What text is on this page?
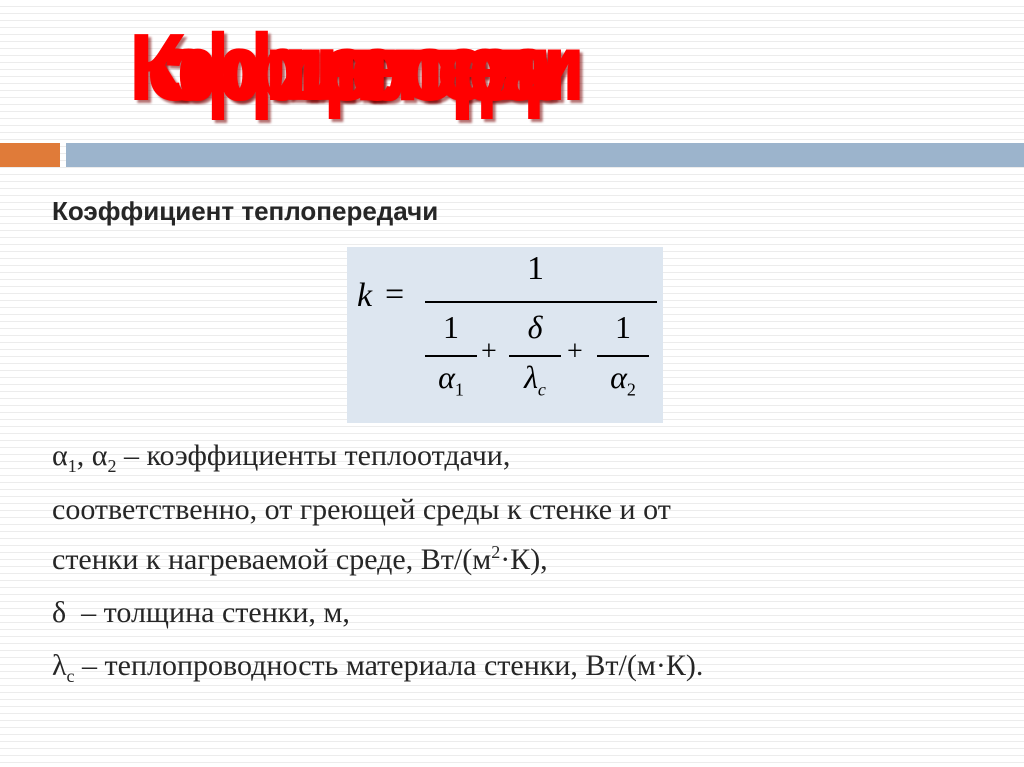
Коэффициент теплопередачи
Коэффициент теплопередачи
k =
1
1
$\alpha_1$
+
δ
$\lambda_c$
+
1
$\alpha_2$

$\alpha_1$, $\alpha_2$ – коэффициенты теплоотдачи,
соответственно, от греющей среды к стенке и от
стенки к нагреваемой среде, $Вт/(м^2\cdot К)$,

δ  – толщина стенки, м,

$\lambda_c$ – теплопроводность материала стенки, Вт/(м·К).
